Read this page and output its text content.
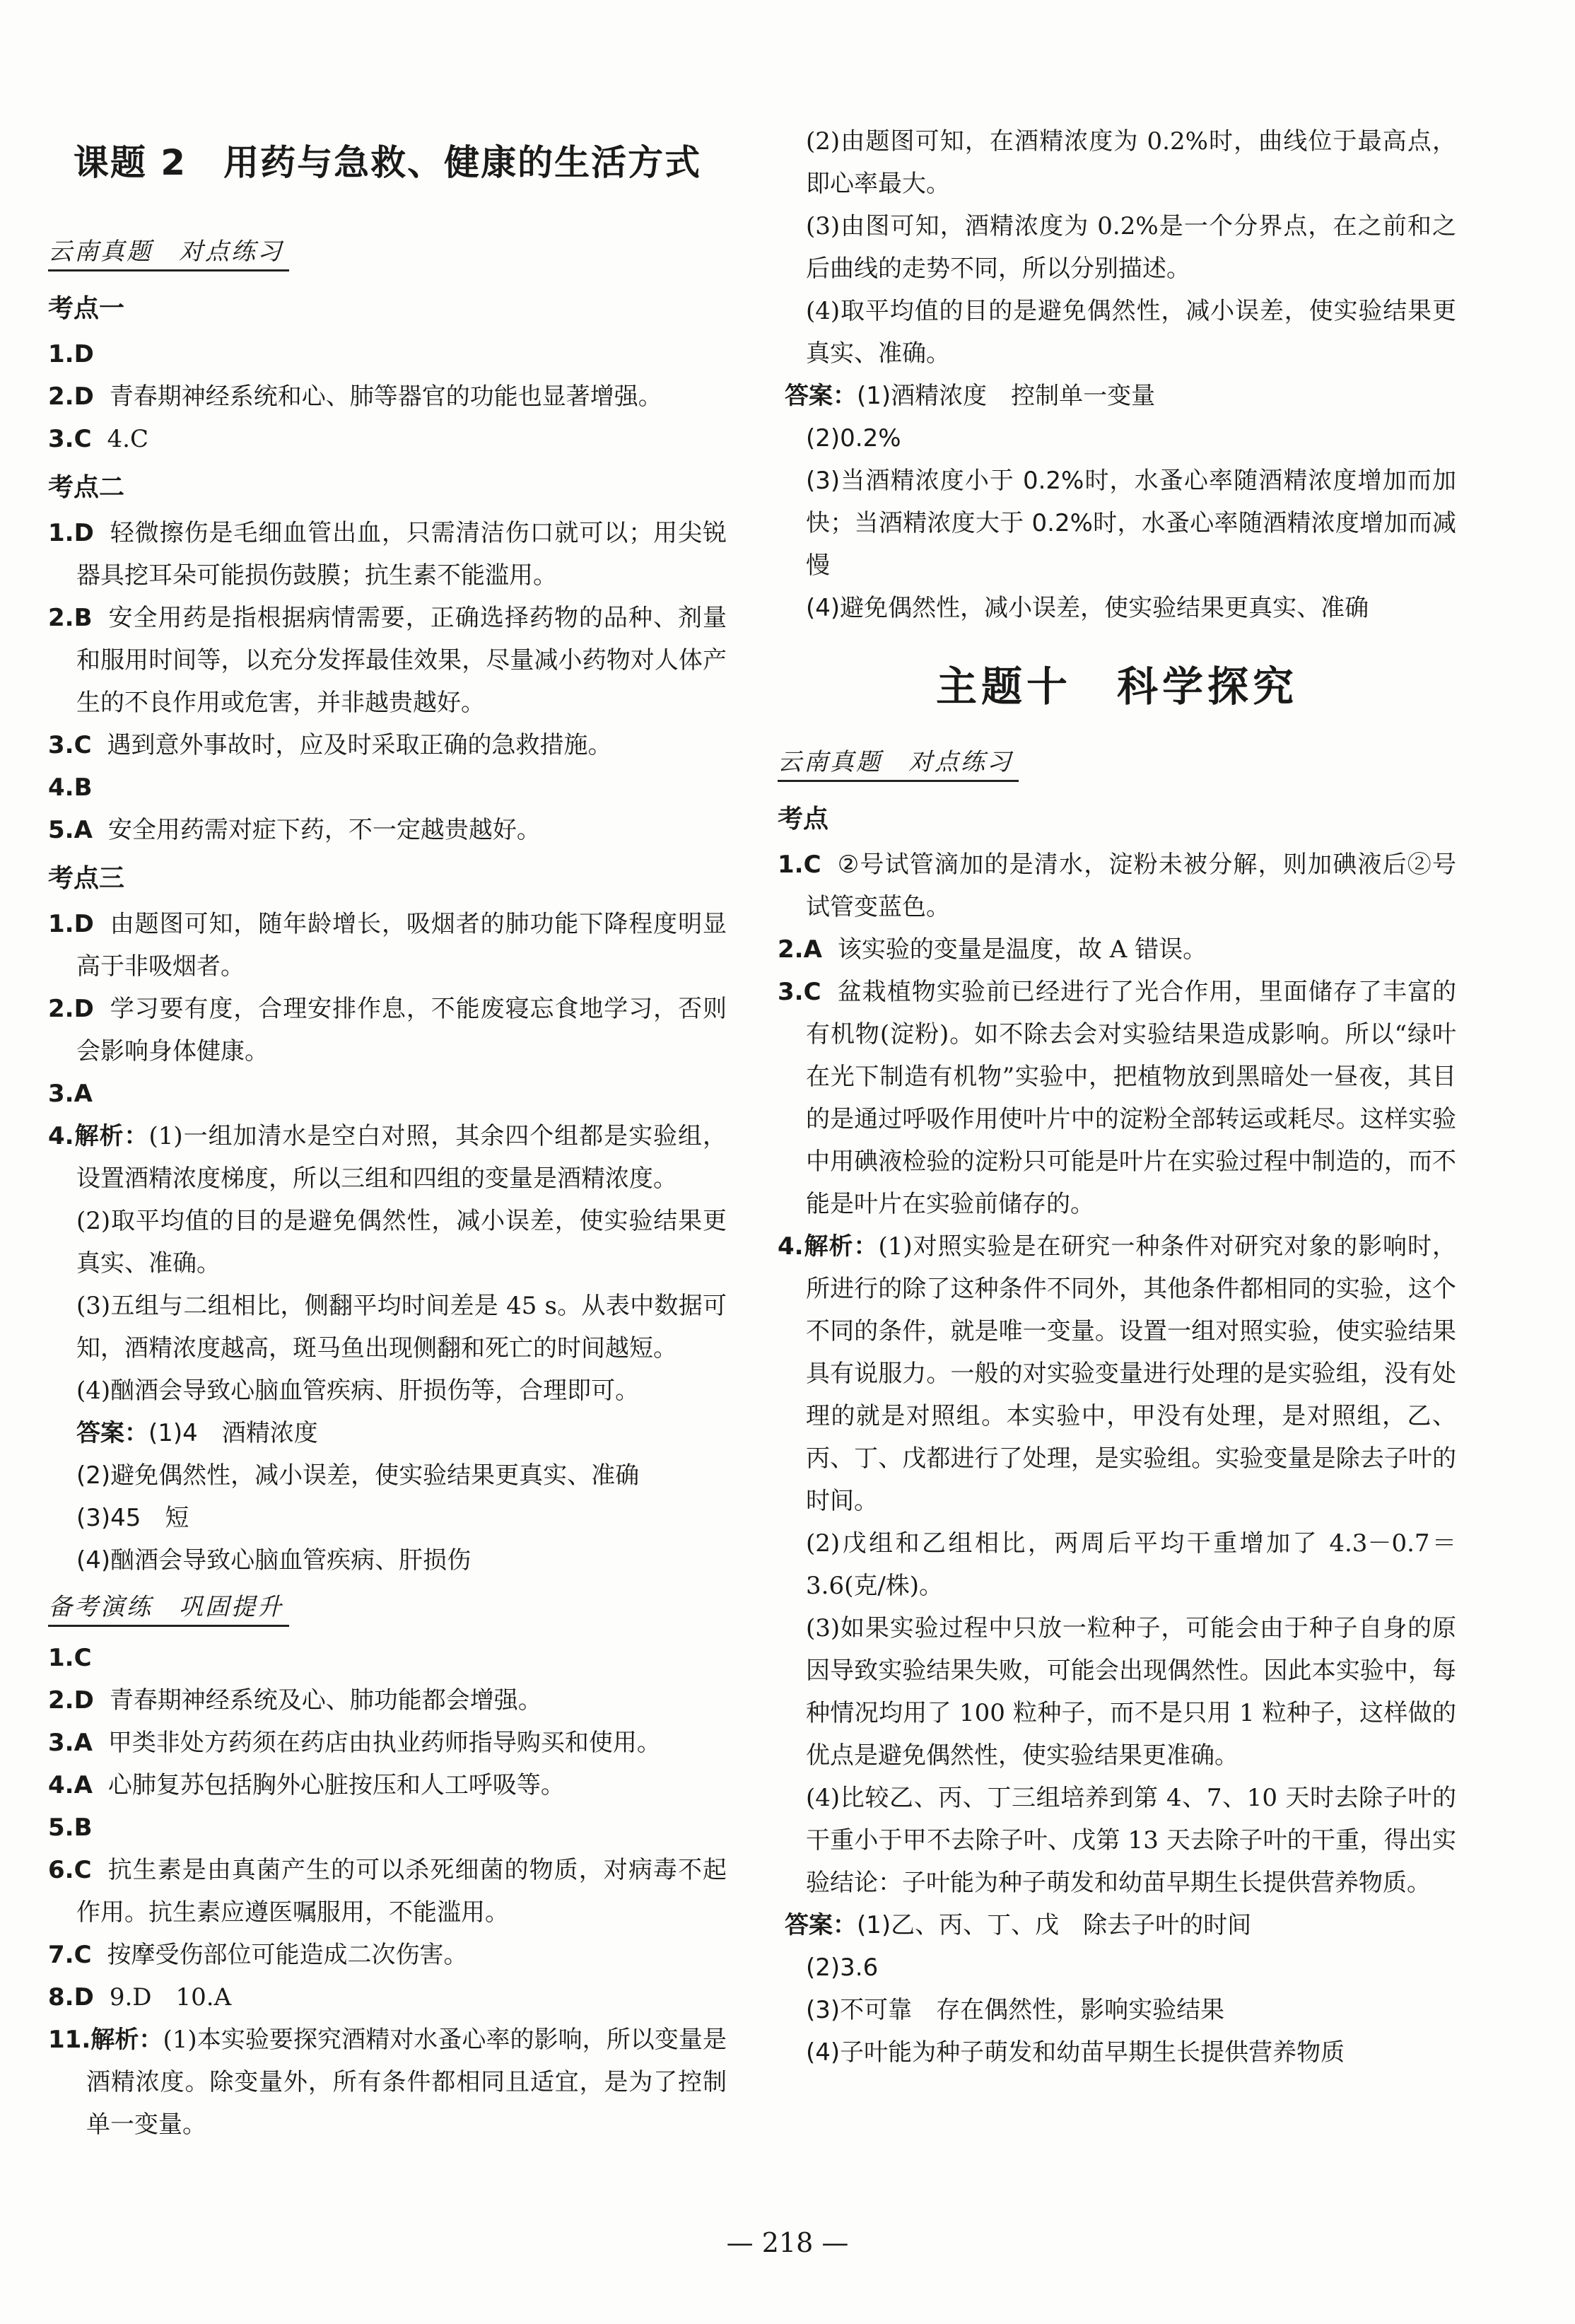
课题 2　用药与急救、健康的生活方式
云南真题　对点练习
考点一

1.D

2.D 青春期神经系统和心、肺等器官的功能也显著增强。

3.C 4.C

考点二

1.D 轻微擦伤是毛细血管出血，只需清洁伤口就可以；用尖锐器具挖耳朵可能损伤鼓膜；抗生素不能滥用。

2.B 安全用药是指根据病情需要，正确选择药物的品种、剂量和服用时间等，以充分发挥最佳效果，尽量减小药物对人体产生的不良作用或危害，并非越贵越好。

3.C 遇到意外事故时，应及时采取正确的急救措施。

4.B

5.A 安全用药需对症下药，不一定越贵越好。

考点三

1.D 由题图可知，随年龄增长，吸烟者的肺功能下降程度明显高于非吸烟者。

2.D 学习要有度，合理安排作息，不能废寝忘食地学习，否则会影响身体健康。

3.A

4.解析：(1)一组加清水是空白对照，其余四个组都是实验组，设置酒精浓度梯度，所以三组和四组的变量是酒精浓度。

(2)取平均值的目的是避免偶然性，减小误差，使实验结果更真实、准确。

(3)五组与二组相比，侧翻平均时间差是 45 s。从表中数据可知，酒精浓度越高，斑马鱼出现侧翻和死亡的时间越短。

(4)酗酒会导致心脑血管疾病、肝损伤等，合理即可。

答案：(1)4　酒精浓度

(2)避免偶然性，减小误差，使实验结果更真实、准确

(3)45　短

(4)酗酒会导致心脑血管疾病、肝损伤

备考演练　巩固提升

1.C

2.D 青春期神经系统及心、肺功能都会增强。

3.A 甲类非处方药须在药店由执业药师指导购买和使用。

4.A 心肺复苏包括胸外心脏按压和人工呼吸等。

5.B

6.C 抗生素是由真菌产生的可以杀死细菌的物质，对病毒不起作用。抗生素应遵医嘱服用，不能滥用。

7.C 按摩受伤部位可能造成二次伤害。

8.D 9.D　10.A

11.解析：(1)本实验要探究酒精对水蚤心率的影响，所以变量是酒精浓度。除变量外，所有条件都相同且适宜，是为了控制单一变量。

(2)由题图可知，在酒精浓度为 0.2%时，曲线位于最高点，即心率最大。

(3)由图可知，酒精浓度为 0.2%是一个分界点，在之前和之后曲线的走势不同，所以分别描述。

(4)取平均值的目的是避免偶然性，减小误差，使实验结果更真实、准确。

答案：(1)酒精浓度　控制单一变量

(2)0.2%

(3)当酒精浓度小于 0.2%时，水蚤心率随酒精浓度增加而加快；当酒精浓度大于 0.2%时，水蚤心率随酒精浓度增加而减慢

(4)避免偶然性，减小误差，使实验结果更真实、准确

主题十　科学探究
云南真题　对点练习
考点

1.C ②号试管滴加的是清水，淀粉未被分解，则加碘液后②号试管变蓝色。

2.A 该实验的变量是温度，故 A 错误。

3.C 盆栽植物实验前已经进行了光合作用，里面储存了丰富的有机物(淀粉)。如不除去会对实验结果造成影响。所以“绿叶在光下制造有机物”实验中，把植物放到黑暗处一昼夜，其目的是通过呼吸作用使叶片中的淀粉全部转运或耗尽。这样实验中用碘液检验的淀粉只可能是叶片在实验过程中制造的，而不能是叶片在实验前储存的。

4.解析：(1)对照实验是在研究一种条件对研究对象的影响时，所进行的除了这种条件不同外，其他条件都相同的实验，这个不同的条件，就是唯一变量。设置一组对照实验，使实验结果具有说服力。一般的对实验变量进行处理的是实验组，没有处理的就是对照组。本实验中，甲没有处理，是对照组，乙、丙、丁、戊都进行了处理，是实验组。实验变量是除去子叶的时间。

(2)戊组和乙组相比，两周后平均干重增加了 4.3－0.7＝3.6(克/株)。

(3)如果实验过程中只放一粒种子，可能会由于种子自身的原因导致实验结果失败，可能会出现偶然性。因此本实验中，每种情况均用了 100 粒种子，而不是只用 1 粒种子，这样做的优点是避免偶然性，使实验结果更准确。

(4)比较乙、丙、丁三组培养到第 4、7、10 天时去除子叶的干重小于甲不去除子叶、戊第 13 天去除子叶的干重，得出实验结论：子叶能为种子萌发和幼苗早期生长提供营养物质。

答案：(1)乙、丙、丁、戊　除去子叶的时间

(2)3.6

(3)不可靠　存在偶然性，影响实验结果

(4)子叶能为种子萌发和幼苗早期生长提供营养物质

— 218 —
